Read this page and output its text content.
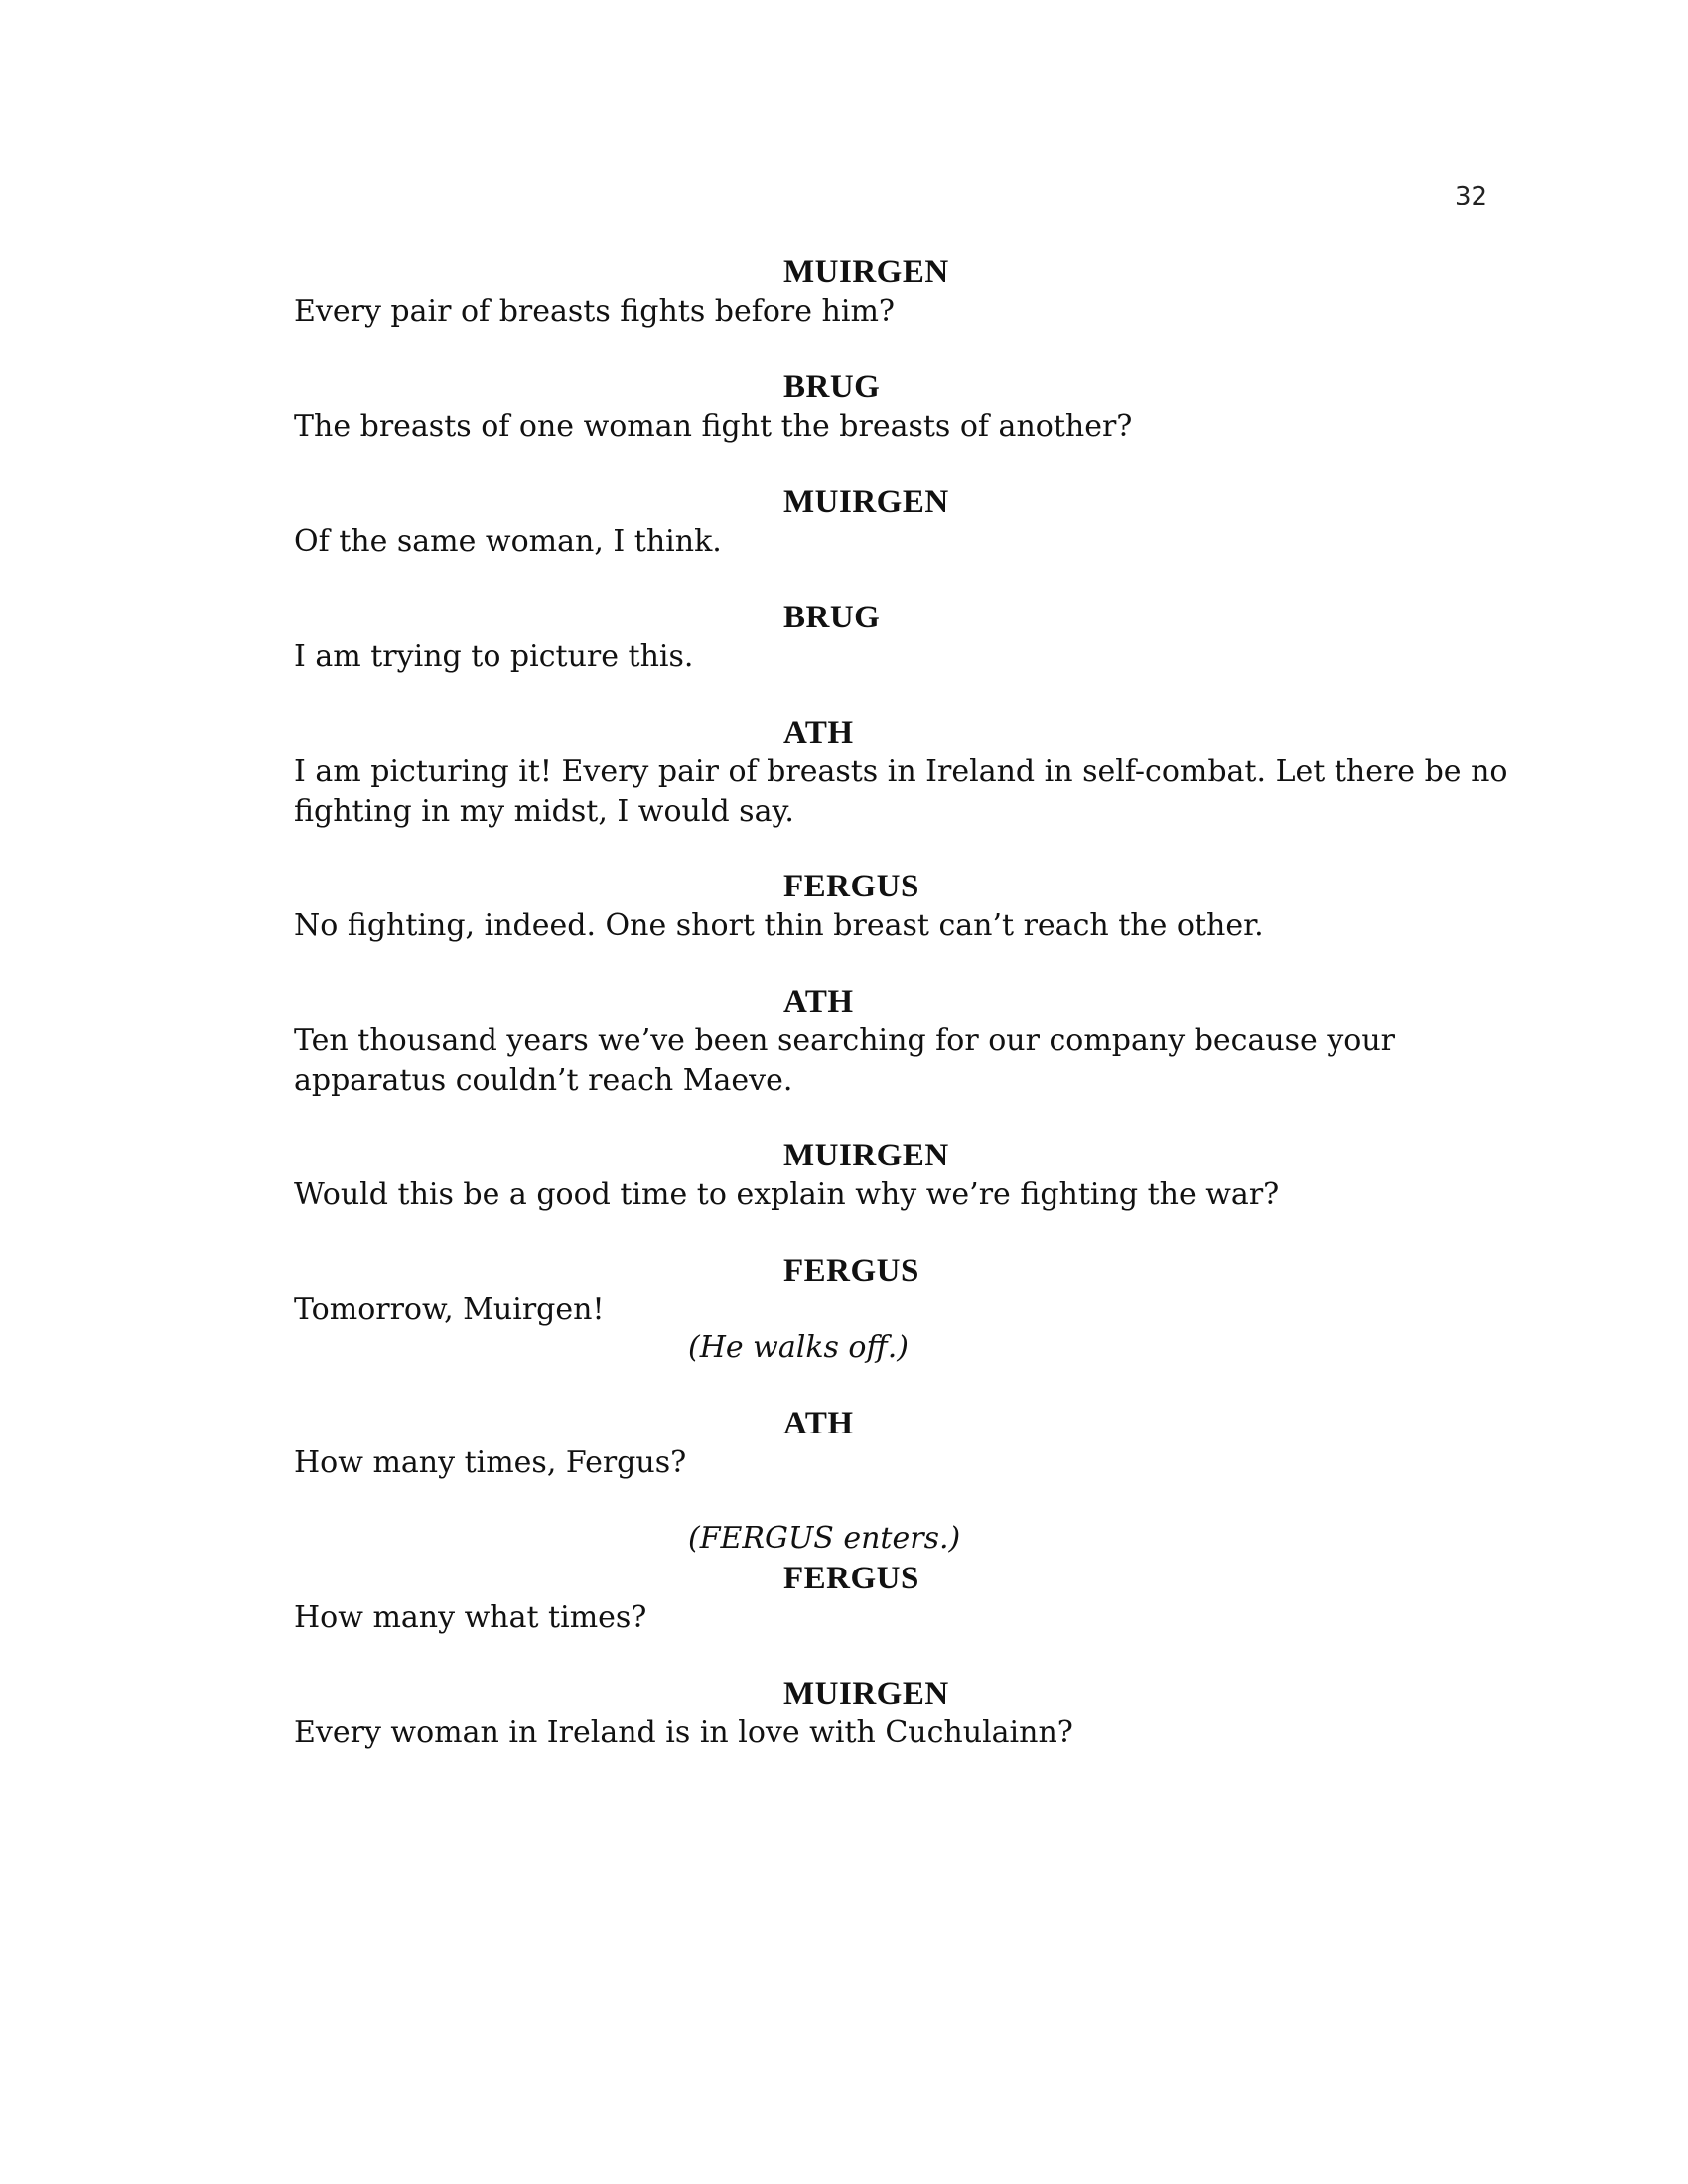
32
MUIRGEN
Every pair of breasts fights before him?
BRUG
The breasts of one woman fight the breasts of another?
MUIRGEN
Of the same woman, I think.
BRUG
I am trying to picture this.
ATH
I am picturing it! Every pair of breasts in Ireland in self-combat. Let there be no
fighting in my midst, I would say.
FERGUS
No fighting, indeed. One short thin breast can’t reach the other.
ATH
Ten thousand years we’ve been searching for our company because your
apparatus couldn’t reach Maeve.
MUIRGEN
Would this be a good time to explain why we’re fighting the war?
FERGUS
Tomorrow, Muirgen!
(He walks off.)
ATH
How many times, Fergus?
(FERGUS enters.)
FERGUS
How many what times?
MUIRGEN
Every woman in Ireland is in love with Cuchulainn?
